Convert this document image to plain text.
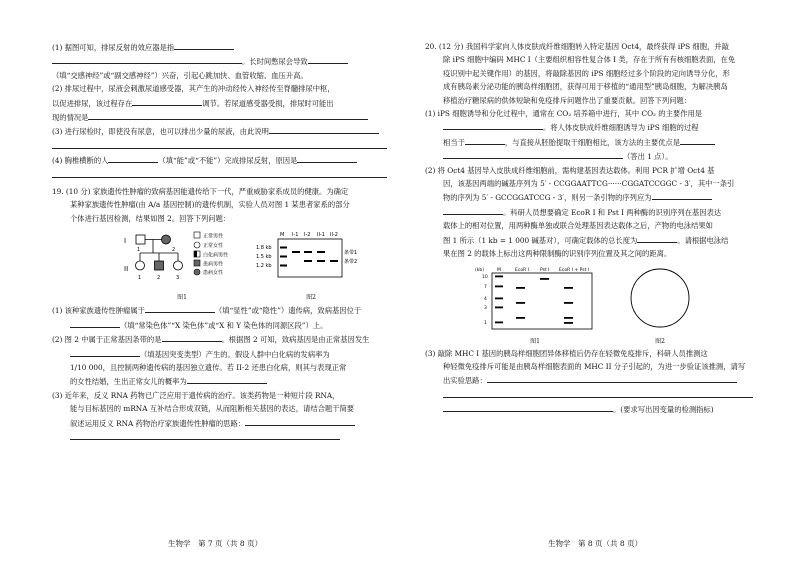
(1) 据图可知，排尿反射的效应器是指

。长时间憋尿会导致

（填“交感神经”或“副交感神经”）兴奋，引起心跳加快、血管收缩、血压升高。

(2) 排尿过程中，尿液会刺激尿道感受器，其产生的冲动经传入神经传至脊髓排尿中枢，

以促进排尿，该过程存在	调节。若尿道感受器受损，排尿时可能出

现的情况是

(3) 进行尿检时，即使没有尿意，也可以排出少量的尿液，由此说明

(4) 胸椎横断的人	（填“能”或“不能”）完成排尿反射，原因是

19. (10 分) 家族遗传性肿瘤的致病基因能遗传给下一代，严重威胁家系成员的健康。为确定

某种家族遗传性肿瘤(由 A/a 基因控制)的遗传机制，实验人员对图 1 某患者家系的部分

个体进行基因检测，结果如图 2。回答下列问题：

I
II
1	2
1	2	3
正常男性
正常女性
白化病男性
患病男性
患病女性
图1
M I-1 I-2 II-1 II-2
1.8 kb
1.5 kb
1.2 kb
条带1
条带2
图2

(1) 该种家族遗传性肿瘤属于	（填“显性”或“隐性”）遗传病，致病基因位于

（填“常染色体”“X 染色体”或“X 和 Y 染色体的同源区段”）上。

(2) 图 2 中属于正常基因条带的是	。根据图 2 可知，致病基因是由正常基因发生

（填基因突变类型）产生的。假设人群中白化病的发病率为

1/10 000，且控制两种遗传病的基因独立遗传。若 II-2 还患白化病，则其与表现正常

的女性结婚，生出正常女儿的概率为

(3) 近年来，反义 RNA 药物已广泛应用于遗传病的治疗。该类药物是一种短片段 RNA，

能与目标基因的 mRNA 互补结合形成双链，从而阻断相关基因的表达，请结合题干简要

叙述运用反义 RNA 药物治疗家族遗传性肿瘤的思路：

生物学　第 7 页（共 8 页）

20. (12 分) 我国科学家向人体皮肤成纤维细胞转入特定基因 Oct4，最终获得 iPS 细胞，并敲

除 iPS 细胞中编码 MHC I（主要组织相容性复合体 I 类，存在于所有有核细胞表面，在免

疫识别中起关键作用）的基因，将敲除基因的 iPS 细胞经过多个阶段的定向诱导分化，形

成有胰岛素分泌功能的胰岛样细胞团，获得可用于移植的“通用型”胰岛细胞，为解决胰岛

移植治疗糖尿病的供体短缺和免疫排斥问题作出了重要贡献。回答下列问题：

(1) iPS 细胞诱导和分化过程中，通常在 CO₂ 培养箱中进行，其中 CO₂ 的主要作用是

。将人体皮肤成纤维细胞诱导为 iPS 细胞的过程

相当于	，与直接从胚胎提取干细胞相比，该方法的主要优点是

（答出 1 点）。

(2) 将 Oct4 基因导入皮肤成纤维细胞前，需构建基因表达载体。利用 PCR 扩增 Oct4 基

因，该基因两端的碱基序列为 5′ - CCGGAATTCG······CGGATCCGGC - 3′，其中一条引

物的序列为 5′ - GCCGGATCCG - 3′，则另一条引物的序列应为

。科研人员想要确定 EcoR I 和 Pst I 两种酶的识别序列在基因表达

载体上的相对位置，用两种酶单独或联合处理基因表达载体之后，产物的电泳结果如

图 1 所示（1 kb = 1 000 碱基对），可确定载体的总长度为	。请根据电泳结

果在图 2 的载体上标出这两种限制酶的识别序列位置及其之间的距离。

(kb)	M	EcoR I Pst I EcoR I + Pst I
10
7
4
3
1
图1	图2

(3) 敲除 MHC I 基因的胰岛样细胞团异体移植后仍存在轻微免疫排斥，科研人员推测这

种轻微免疫排斥可能是由胰岛样细胞表面的 MHC II 分子引起的，为进一步验证该推测，请写

出实验思路：

。(要求写出因变量的检测指标)

生物学　第 8 页（共 8 页）
